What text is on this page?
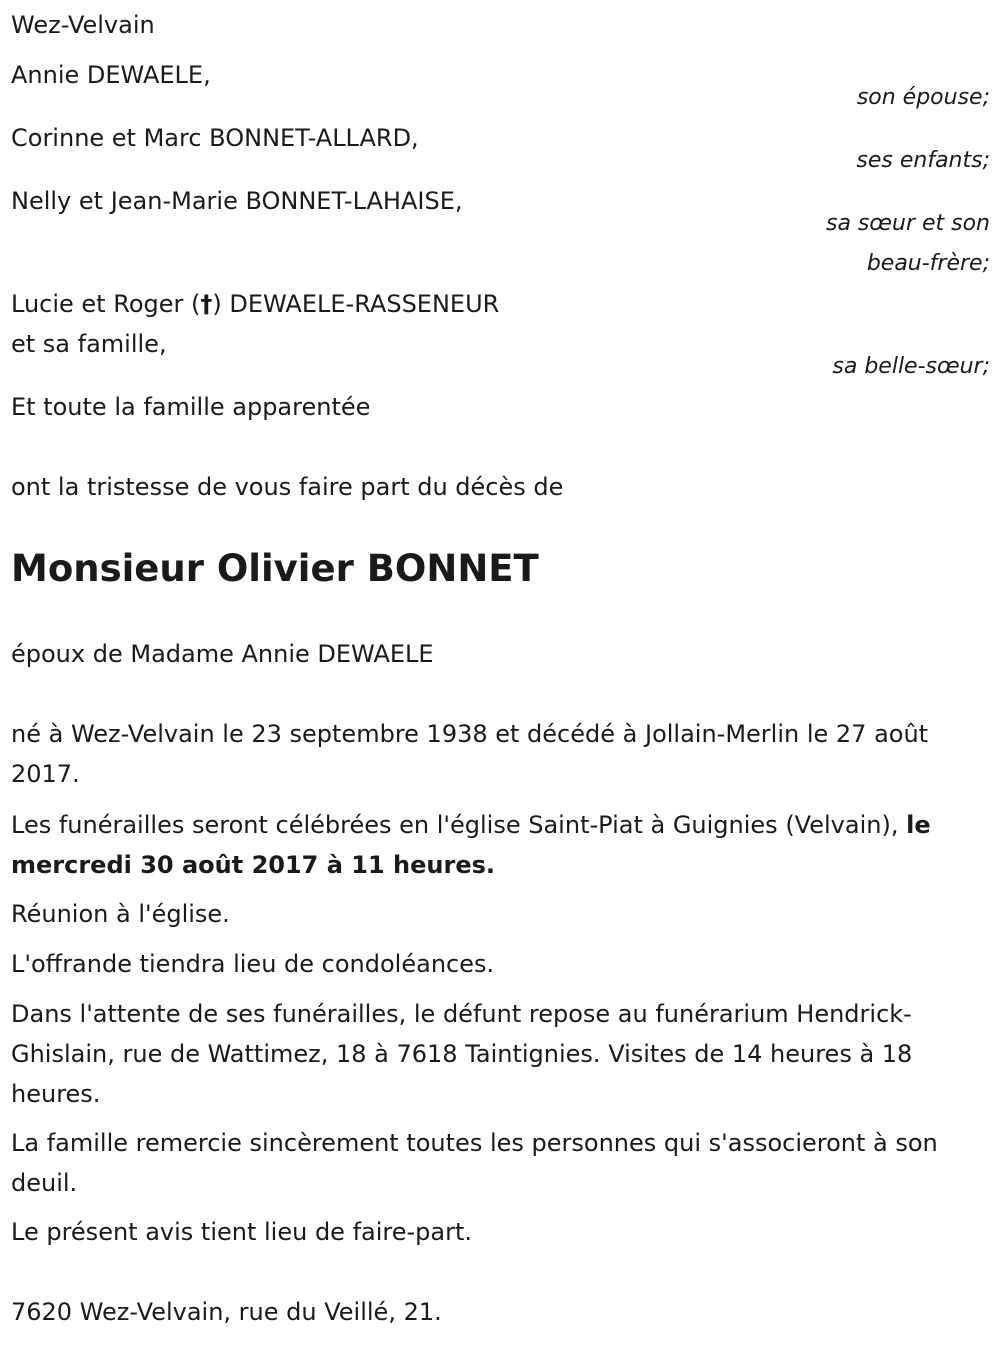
Wez-Velvain
Annie DEWAELE,
son épouse;
Corinne et Marc BONNET-ALLARD,
ses enfants;
Nelly et Jean-Marie BONNET-LAHAISE,
sa sœur et son
beau-frère;
Lucie et Roger (†) DEWAELE-RASSENEUR
et sa famille,
sa belle-sœur;
Et toute la famille apparentée
ont la tristesse de vous faire part du décès de
Monsieur Olivier BONNET
époux de Madame Annie DEWAELE

né à Wez-Velvain le 23 septembre 1938 et décédé à Jollain-Merlin le 27 août 2017.

Les funérailles seront célébrées en l'église Saint-Piat à Guignies (Velvain), le mercredi 30 août 2017 à 11 heures.

Réunion à l'église.

L'offrande tiendra lieu de condoléances.

Dans l'attente de ses funérailles, le défunt repose au funérarium Hendrick-Ghislain, rue de Wattimez, 18 à 7618 Taintignies. Visites de 14 heures à 18 heures.

La famille remercie sincèrement toutes les personnes qui s'associeront à son deuil.

Le présent avis tient lieu de faire-part.

7620 Wez-Velvain, rue du Veillé, 21.
